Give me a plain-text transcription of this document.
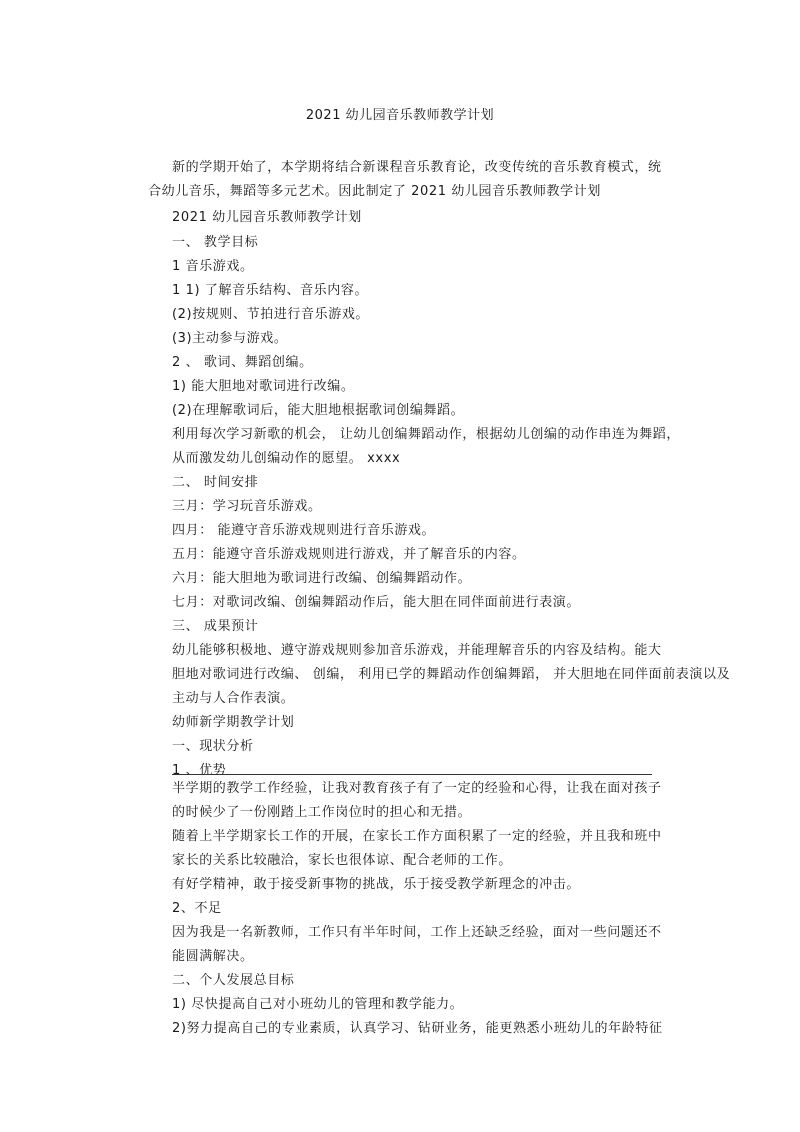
2021 幼儿园音乐教师教学计划
新的学期开始了，本学期将结合新课程音乐教育论，改变传统的音乐教育模式，统
合幼儿音乐，舞蹈等多元艺术。因此制定了 2021 幼儿园音乐教师教学计划
2021 幼儿园音乐教师教学计划
一、 教学目标
1 音乐游戏。
1 1) 了解音乐结构、音乐内容。
(2)按规则、节拍进行音乐游戏。
(3)主动参与游戏。
2 、 歌词、舞蹈创编。
1) 能大胆地对歌词进行改编。
(2)在理解歌词后，能大胆地根据歌词创编舞蹈。
利用每次学习新歌的机会， 让幼儿创编舞蹈动作，根据幼儿创编的动作串连为舞蹈，
从而激发幼儿创编动作的愿望。 xxxx
二、 时间安排
三月：学习玩音乐游戏。
四月： 能遵守音乐游戏规则进行音乐游戏。
五月：能遵守音乐游戏规则进行游戏，并了解音乐的内容。
六月：能大胆地为歌词进行改编、创编舞蹈动作。
七月：对歌词改编、创编舞蹈动作后，能大胆在同伴面前进行表演。
三、 成果预计
幼儿能够积极地、遵守游戏规则参加音乐游戏，并能理解音乐的内容及结构。能大
胆地对歌词进行改编、 创编， 利用已学的舞蹈动作创编舞蹈， 并大胆地在同伴面前表演以及
主动与人合作表演。
幼师新学期教学计划
一、现状分析
1 、优势
半学期的教学工作经验，让我对教育孩子有了一定的经验和心得，让我在面对孩子
的时候少了一份刚踏上工作岗位时的担心和无措。
随着上半学期家长工作的开展，在家长工作方面积累了一定的经验，并且我和班中
家长的关系比较融洽，家长也很体谅、配合老师的工作。
有好学精神，敢于接受新事物的挑战，乐于接受教学新理念的冲击。
2、不足
因为我是一名新教师，工作只有半年时间，工作上还缺乏经验，面对一些问题还不
能圆满解决。
二、个人发展总目标
1) 尽快提高自己对小班幼儿的管理和教学能力。
2)努力提高自己的专业素质，认真学习、钻研业务，能更熟悉小班幼儿的年龄特征
